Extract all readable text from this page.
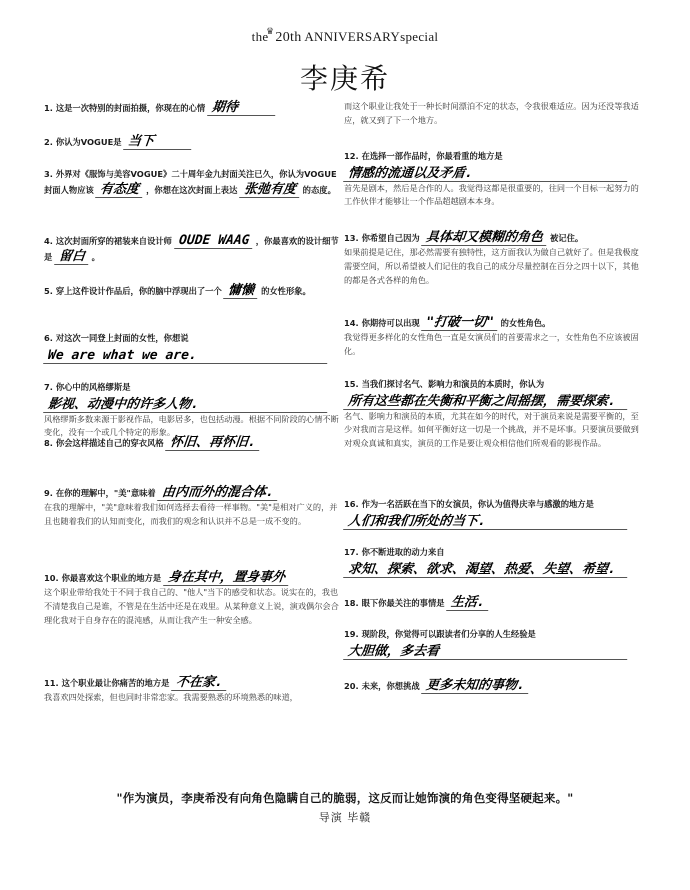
the ♛20th ANNIVERSARYspecial
李庚希
1. 这是一次特别的封面拍摄，你现在的心情 期待
2. 你认为VOGUE是 当下
3. 外界对《服饰与美容VOGUE》二十周年金九封面关注已久，你认为VOGUE封面人物应该 有态度 ，你想在这次封面上表达 张弛有度 的态度。
4. 这次封面所穿的裙装来自设计师 OUDE WAAG ，你最喜欢的设计细节是 留白 。
5. 穿上这件设计作品后，你的脑中浮现出了一个 慵懒 的女性形象。
6. 对这次一同登上封面的女性，你想说
We are what we are.
7. 你心中的风格缪斯是
影视、动漫中的许多人物.
风格缪斯多数来源于影视作品，电影居多，也包括动漫。根据不同阶段的心情不断变化，没有一个或几个特定的形象。
8. 你会这样描述自己的穿衣风格 怀旧、再怀旧.
9. 在你的理解中，"美"意味着 由内而外的混合体.
在我的理解中，"美"意味着我们如何选择去看待一样事物。"美"是相对广义的，并且也随着我们的认知而变化，而我们的观念和认识并不总是一成不变的。
10. 你最喜欢这个职业的地方是 身在其中，置身事外
这个职业带给我处于不同于我自己的、"他人"当下的感受和状态。说实在的，我也不清楚我自己是谁，不管是在生活中还是在戏里。从某种意义上说，演戏偶尔会合理化我对于自身存在的混沌感，从而让我产生一种安全感。
11. 这个职业最让你痛苦的地方是 不在家.
我喜欢四处探索，但也同时非常恋家。我需要熟悉的环境熟悉的味道，
而这个职业让我处于一种长时间漂泊不定的状态，令我很难适应。因为还没等我适应，就又到了下一个地方。
12. 在选择一部作品时，你最看重的地方是
情感的流通以及矛盾.
首先是剧本，然后是合作的人。我觉得这都是很重要的，往同一个目标一起努力的工作伙伴才能够让一个作品超越剧本本身。
13. 你希望自己因为 具体却又模糊的角色 被记住。
如果前提是记住，那必然需要有独特性，这方面我认为做自己就好了。但是我极度需要空间，所以希望被人们记住的我自己的成分尽量控制在百分之四十以下，其他的都是各式各样的角色。
14. 你期待可以出现 "打破一切" 的女性角色。
我觉得更多样化的女性角色一直是女演员们的首要需求之一，女性角色不应该被固化。
15. 当我们探讨名气、影响力和演员的本质时，你认为
所有这些都在失衡和平衡之间摇摆，需要探索.
名气、影响力和演员的本质，尤其在如今的时代，对于演员来说是需要平衡的，至少对我而言是这样。如何平衡好这一切是一个挑战，并不是坏事。只要演员要做到对观众真诚和真实，演员的工作是要让观众相信他们所观看的影视作品。
16. 作为一名活跃在当下的女演员，你认为值得庆幸与感激的地方是
人们和我们所处的当下.
17. 你不断进取的动力来自
求知、探索、欲求、渴望、热爱、失望、希望.
18. 眼下你最关注的事情是 生活.
19. 现阶段，你觉得可以跟读者们分享的人生经验是
大胆做，多去看
20. 未来，你想挑战 更多未知的事物.
"作为演员，李庚希没有向角色隐瞒自己的脆弱，这反而让她饰演的角色变得坚硬起来。"
导演 毕赣
